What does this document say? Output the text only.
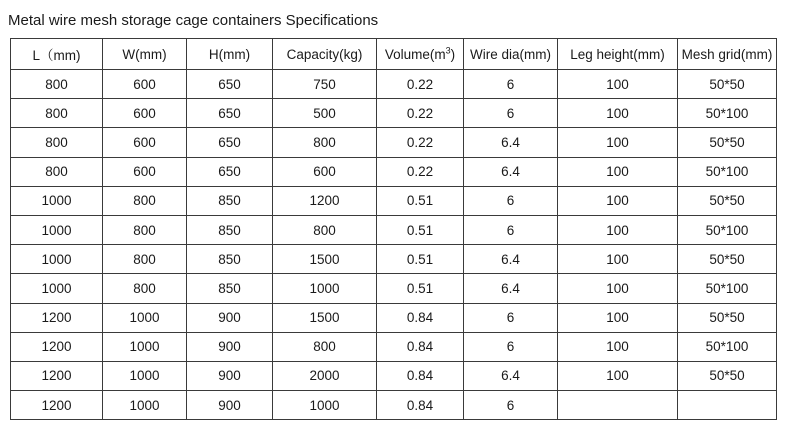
Metal wire mesh storage cage containers Specifications
L（mm)	W(mm)	H(mm)	Capacity(kg)	$Volume(m^3)$	Wire dia(mm)	Leg height(mm)	Mesh grid(mm)
800	600	650	750	0.22	6	100	50*50
800	600	650	500	0.22	6	100	50*100
800	600	650	800	0.22	6.4	100	50*50
800	600	650	600	0.22	6.4	100	50*100
1000	800	850	1200	0.51	6	100	50*50
1000	800	850	800	0.51	6	100	50*100
1000	800	850	1500	0.51	6.4	100	50*50
1000	800	850	1000	0.51	6.4	100	50*100
1200	1000	900	1500	0.84	6	100	50*50
1200	1000	900	800	0.84	6	100	50*100
1200	1000	900	2000	0.84	6.4	100	50*50
1200	1000	900	1000	0.84	6		
